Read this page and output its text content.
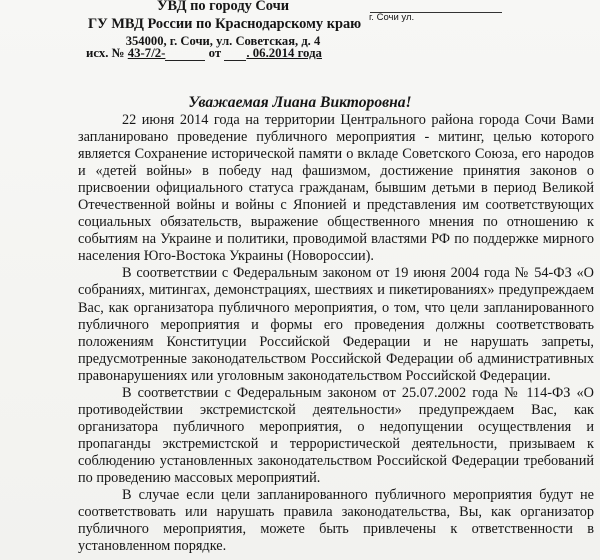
УВД по городу Сочи
ГУ МВД России по Краснодарскому краю
354000, г. Сочи, ул. Советская, д. 4
исх. № 43-7/2-	от . 06.2014 года
г. Сочи ул.
Уважаемая Лиана Викторовна!

22 июня 2014 года на территории Центрального района города Сочи Вами запланировано проведение публичного мероприятия - митинг, целью которого является Сохранение исторической памяти о вкладе Советского Союза, его народов и «детей войны» в победу над фашизмом, достижение принятия законов о присвоении официального статуса гражданам, бывшим детьми в период Великой Отечественной войны и войны с Японией и представления им соответствующих социальных обязательств, выражение общественного мнения по отношению к событиям на Украине и политики, проводимой властями РФ по поддержке мирного населения Юго-Востока Украины (Новороссии).

В соответствии с Федеральным законом от 19 июня 2004 года № 54-ФЗ «О собраниях, митингах, демонстрациях, шествиях и пикетированиях» предупреждаем Вас, как организатора публичного мероприятия, о том, что цели запланированного публичного мероприятия и формы его проведения должны соответствовать положениям Конституции Российской Федерации и не нарушать запреты, предусмотренные законодательством Российской Федерации об административных правонарушениях или уголовным законодательством Российской Федерации.

В соответствии с Федеральным законом от 25.07.2002 года № 114-ФЗ «О противодействии экстремистской деятельности» предупреждаем Вас, как организатора публичного мероприятия, о недопущении осуществления и пропаганды экстремистской и террористической деятельности, призываем к соблюдению установленных законодательством Российской Федерации требований по проведению массовых мероприятий.

В случае если цели запланированного публичного мероприятия будут не соответствовать или нарушать правила законодательства, Вы, как организатор публичного мероприятия, можете быть привлечены к ответственности в установленном порядке.
